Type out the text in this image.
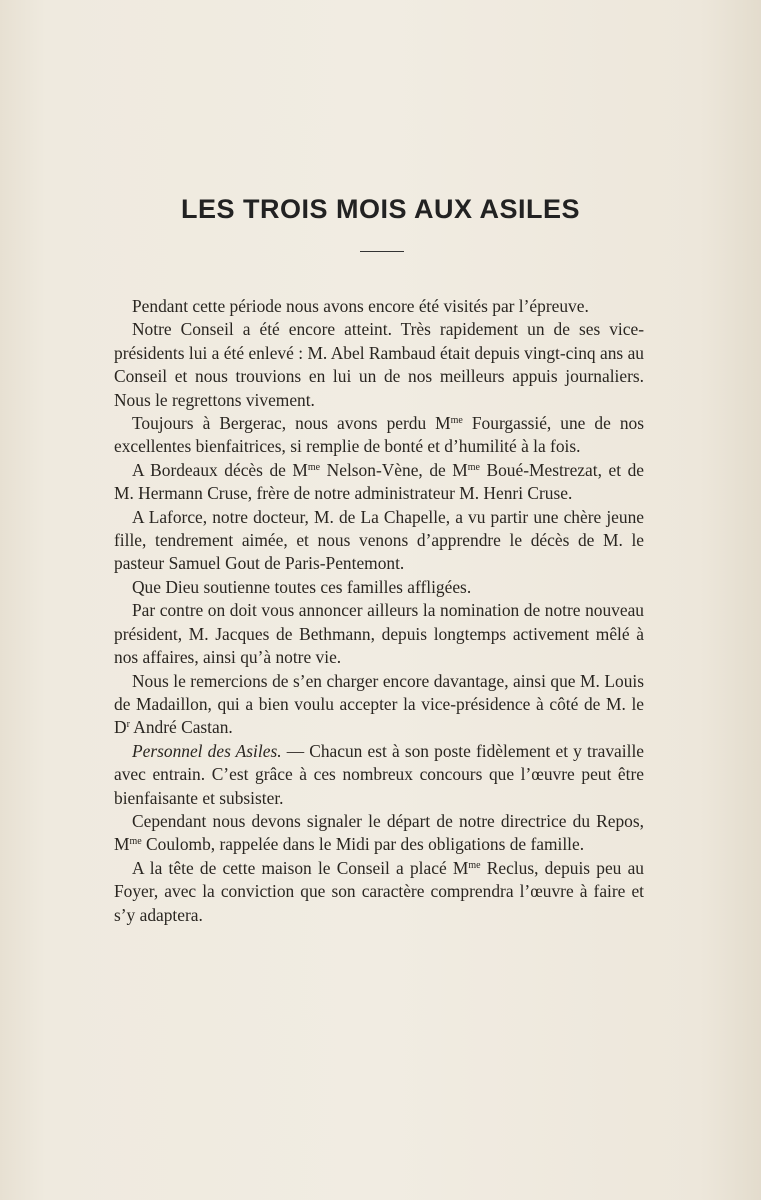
LES TROIS MOIS AUX ASILES

Pendant cette période nous avons encore été visités par l’épreuve.

Notre Conseil a été encore atteint. Très rapidement un de ses vice-présidents lui a été enlevé : M. Abel Rambaud était depuis vingt-cinq ans au Conseil et nous trouvions en lui un de nos meilleurs appuis journaliers. Nous le regrettons vivement.

Toujours à Bergerac, nous avons perdu $M^{me}$ Fourgassié, une de nos excellentes bienfaitrices, si remplie de bonté et d’humilité à la fois.

A Bordeaux décès de $M^{me}$ Nelson-Vène, de $M^{me}$ Boué-Mestrezat, et de M. Hermann Cruse, frère de notre administrateur M. Henri Cruse.

A Laforce, notre docteur, M. de La Chapelle, a vu partir une chère jeune fille, tendrement aimée, et nous venons d’apprendre le décès de M. le pasteur Samuel Gout de Paris-Pentemont.

Que Dieu soutienne toutes ces familles affligées.

Par contre on doit vous annoncer ailleurs la nomination de notre nouveau président, M. Jacques de Bethmann, depuis longtemps activement mêlé à nos affaires, ainsi qu’à notre vie.

Nous le remercions de s’en charger encore davantage, ainsi que M. Louis de Madaillon, qui a bien voulu accepter la vice-présidence à côté de M. le $D^r$ André Castan.

Personnel des Asiles. — Chacun est à son poste fidèlement et y travaille avec entrain. C’est grâce à ces nombreux concours que l’œuvre peut être bienfaisante et subsister.

Cependant nous devons signaler le départ de notre directrice du Repos, $M^{me}$ Coulomb, rappelée dans le Midi par des obligations de famille.

A la tête de cette maison le Conseil a placé $M^{me}$ Reclus, depuis peu au Foyer, avec la conviction que son caractère comprendra l’œuvre à faire et s’y adaptera.
